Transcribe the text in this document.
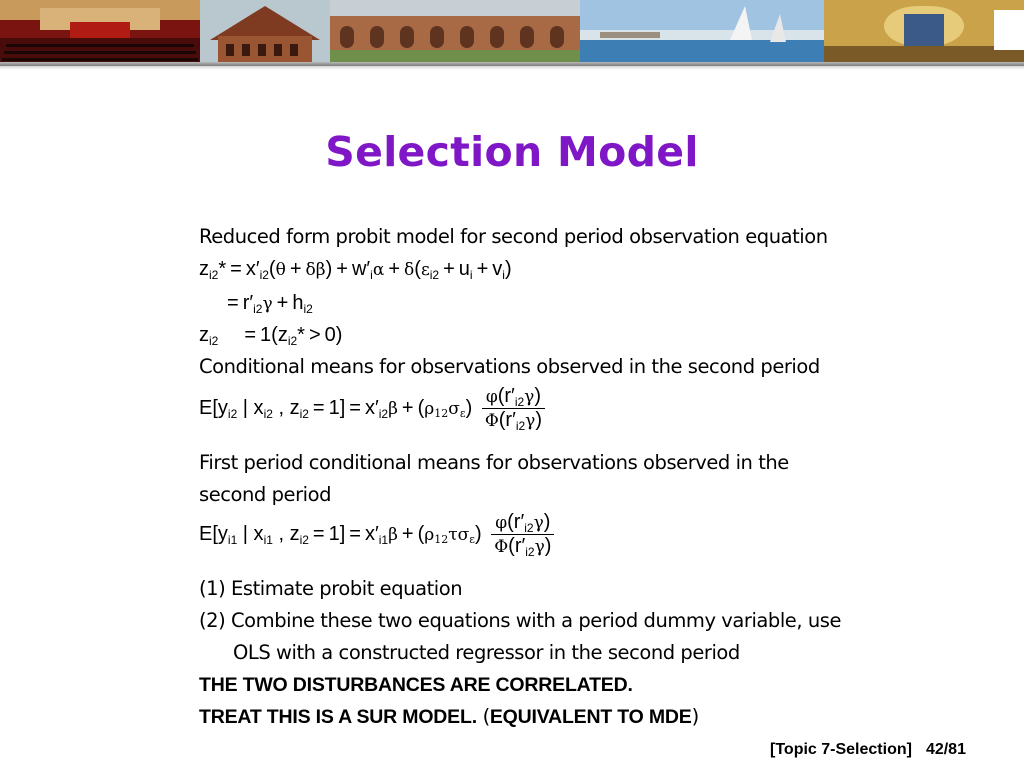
Selection Model
Reduced form probit model for second period observation equation
$z_{i2}* = x'_{i2}(\theta + \delta\beta) + w'_i\alpha + \delta(\varepsilon_{i2} + u_i + v_i)$
= $r'_{i2}\gamma + h_{i2}$
$z_{i2} = 1(z_{i2}* > 0)$
Conditional means for observations observed in the second period
$E[y_{i2}$ | $x_{i2}$ , $z_{i2} = 1] = x'_{i2}\beta + (\rho 12\sigma\varepsilon) \frac{\varphi(r'_{i2}\gamma)}{\Phi(r'_{i2}\gamma)}$
First period conditional means for observations observed in the
second period
$E[y_{i1}$ | $x_{i1}$ , $z_{i2} = 1] = x'_{i1}\beta + (\rho 12\tau\sigma\varepsilon) \frac{\varphi(r'_{i2}\gamma)}{\Phi(r'_{i2}\gamma)}$
(1) Estimate probit equation
(2) Combine these two equations with a period dummy variable, use
OLS with a constructed regressor in the second period
THE TWO DISTURBANCES ARE CORRELATED.
TREAT THIS IS A SUR MODEL. (EQUIVALENT TO MDE)
[Topic 7-Selection] 42/81
